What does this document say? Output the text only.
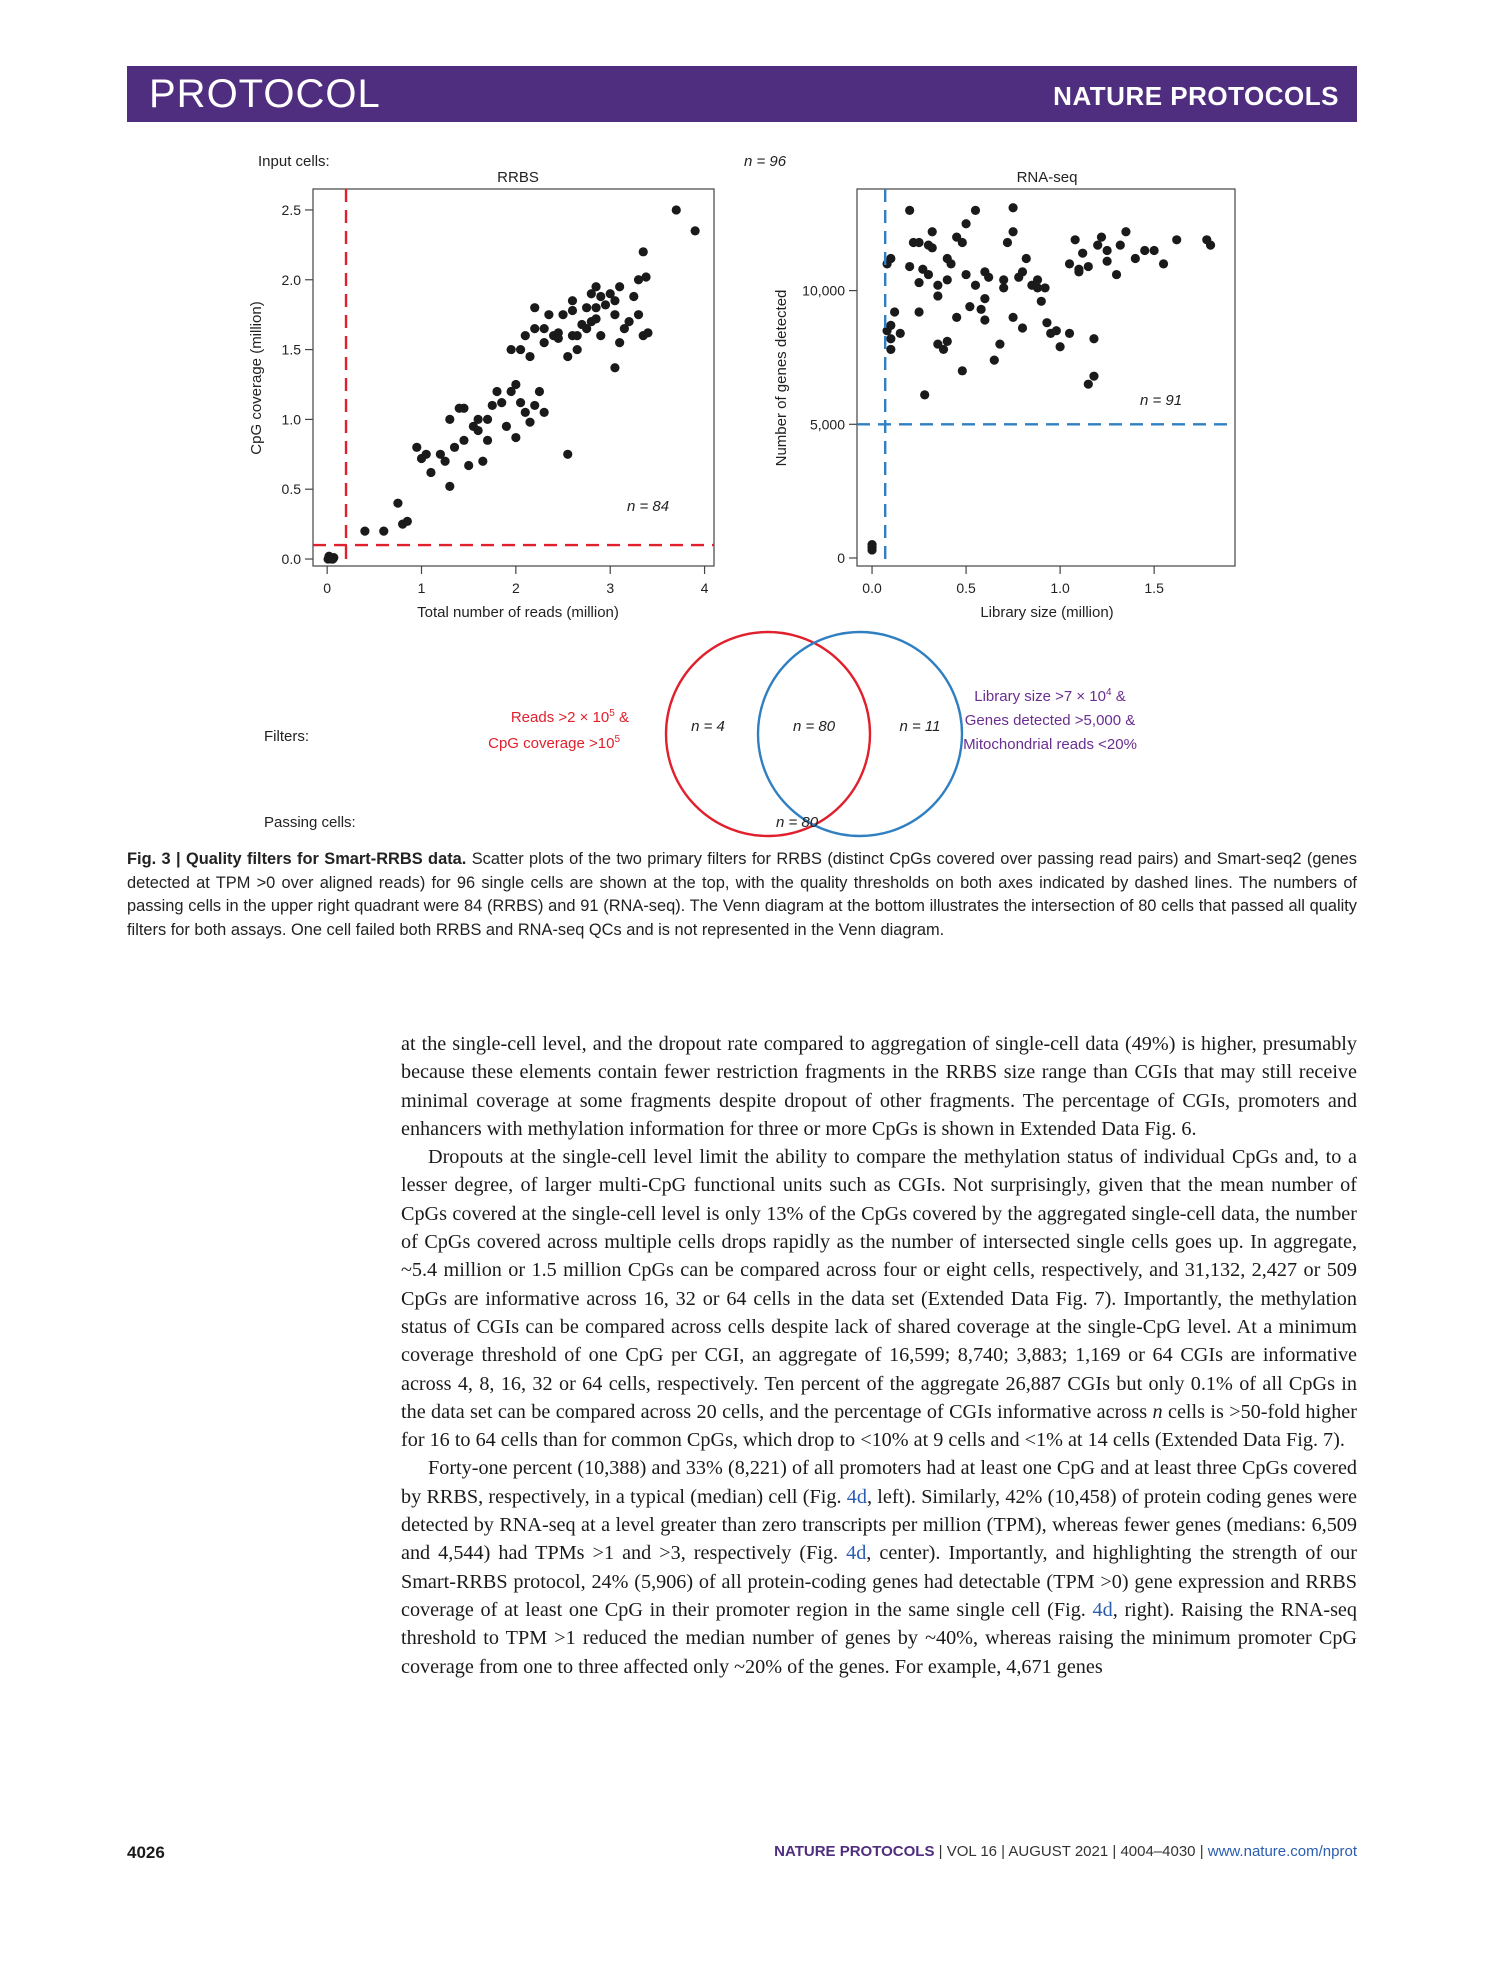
PROTOCOL	NATURE PROTOCOLS
Input cells:	n = 96
RRBS
0.0
0.5
1.0
1.5
2.0
2.5
0	1	2	3	4
n = 84
Total number of reads (million)
CpG coverage (million)
RNA-seq
0
5,000
10,000
0.0	0.5	1.0	1.5
n = 91
Library size (million)
Number of genes detected
Filters:
n = 4	n = 80	n = 11
Reads $>2 \times 10^5$ &
CpG coverage $>10^5$
Library size $>7 \times 10^4$ &
Genes detected >5,000 &
Mitochondrial reads <20%
Passing cells:	n = 80
Fig. 3 | Quality filters for Smart-RRBS data. Scatter plots of the two primary filters for RRBS (distinct CpGs covered over passing read pairs) and Smart-seq2 (genes detected at TPM >0 over aligned reads) for 96 single cells are shown at the top, with the quality thresholds on both axes indicated by dashed lines. The numbers of passing cells in the upper right quadrant were 84 (RRBS) and 91 (RNA-seq). The Venn diagram at the bottom illustrates the intersection of 80 cells that passed all quality filters for both assays. One cell failed both RRBS and RNA-seq QCs and is not represented in the Venn diagram.

at the single-cell level, and the dropout rate compared to aggregation of single-cell data (49%) is higher, presumably because these elements contain fewer restriction fragments in the RRBS size range than CGIs that may still receive minimal coverage at some fragments despite dropout of other fragments. The percentage of CGIs, promoters and enhancers with methylation information for three or more CpGs is shown in Extended Data Fig. 6.

Dropouts at the single-cell level limit the ability to compare the methylation status of individual CpGs and, to a lesser degree, of larger multi-CpG functional units such as CGIs. Not surprisingly, given that the mean number of CpGs covered at the single-cell level is only 13% of the CpGs covered by the aggregated single-cell data, the number of CpGs covered across multiple cells drops rapidly as the number of intersected single cells goes up. In aggregate, ~5.4 million or 1.5 million CpGs can be compared across four or eight cells, respectively, and 31,132, 2,427 or 509 CpGs are informative across 16, 32 or 64 cells in the data set (Extended Data Fig. 7). Importantly, the methylation status of CGIs can be compared across cells despite lack of shared coverage at the single-CpG level. At a minimum coverage threshold of one CpG per CGI, an aggregate of 16,599; 8,740; 3,883; 1,169 or 64 CGIs are informative across 4, 8, 16, 32 or 64 cells, respectively. Ten percent of the aggregate 26,887 CGIs but only 0.1% of all CpGs in the data set can be compared across 20 cells, and the percentage of CGIs informative across n cells is >50-fold higher for 16 to 64 cells than for common CpGs, which drop to <10% at 9 cells and <1% at 14 cells (Extended Data Fig. 7).

Forty-one percent (10,388) and 33% (8,221) of all promoters had at least one CpG and at least three CpGs covered by RRBS, respectively, in a typical (median) cell (Fig. 4d, left). Similarly, 42% (10,458) of protein coding genes were detected by RNA-seq at a level greater than zero transcripts per million (TPM), whereas fewer genes (medians: 6,509 and 4,544) had TPMs >1 and >3, respectively (Fig. 4d, center). Importantly, and highlighting the strength of our Smart-RRBS protocol, 24% (5,906) of all protein-coding genes had detectable (TPM >0) gene expression and RRBS coverage of at least one CpG in their promoter region in the same single cell (Fig. 4d, right). Raising the RNA-seq threshold to TPM >1 reduced the median number of genes by ~40%, whereas raising the minimum promoter CpG coverage from one to three affected only ~20% of the genes. For example, 4,671 genes

4026	NATURE PROTOCOLS | VOL 16 | AUGUST 2021 | 4004–4030 | www.nature.com/nprot
